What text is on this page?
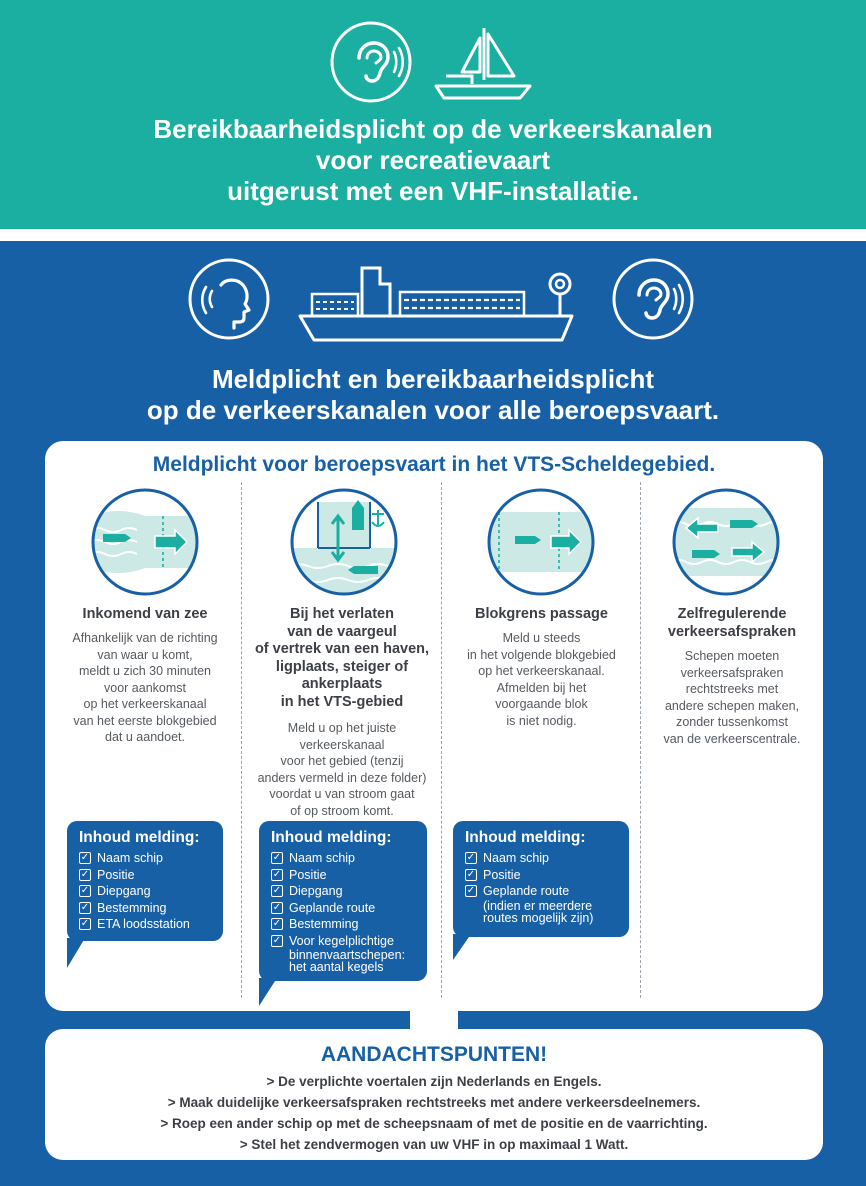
Bereikbaarheidsplicht op de verkeerskanalen
voor recreatievaart
uitgerust met een VHF-installatie.
Meldplicht en bereikbaarheidsplicht
op de verkeerskanalen voor alle beroepsvaart.
Meldplicht voor beroepsvaart in het VTS-Scheldegebied.
Inkomend van zee
Afhankelijk van de richting
van waar u komt,
meldt u zich 30 minuten
voor aankomst
op het verkeerskanaal
van het eerste blokgebied
dat u aandoet.
Bij het verlaten
van de vaargeul
of vertrek van een haven,
ligplaats, steiger of
ankerplaats
in het VTS-gebied
Meld u op het juiste
verkeerskanaal
voor het gebied (tenzij
anders vermeld in deze folder)
voordat u van stroom gaat
of op stroom komt.
Blokgrens passage
Meld u steeds
in het volgende blokgebied
op het verkeerskanaal.
Afmelden bij het
voorgaande blok
is niet nodig.
Zelfregulerende
verkeersafspraken
Schepen moeten
verkeersafspraken
rechtstreeks met
andere schepen maken,
zonder tussenkomst
van de verkeerscentrale.
Inhoud melding:
✓ Naam schip
✓ Positie
✓ Diepgang
✓ Bestemming
✓ ETA loodsstation
Inhoud melding:
✓ Naam schip
✓ Positie
✓ Diepgang
✓ Geplande route
✓ Bestemming
✓ Voor kegelplichtige
binnenvaartschepen:
het aantal kegels
Inhoud melding:
✓ Naam schip
✓ Positie
✓ Geplande route
(indien er meerdere
routes mogelijk zijn)
AANDACHTSPUNTEN!
> De verplichte voertalen zijn Nederlands en Engels.
> Maak duidelijke verkeersafspraken rechtstreeks met andere verkeersdeelnemers.
> Roep een ander schip op met de scheepsnaam of met de positie en de vaarrichting.
> Stel het zendvermogen van uw VHF in op maximaal 1 Watt.
